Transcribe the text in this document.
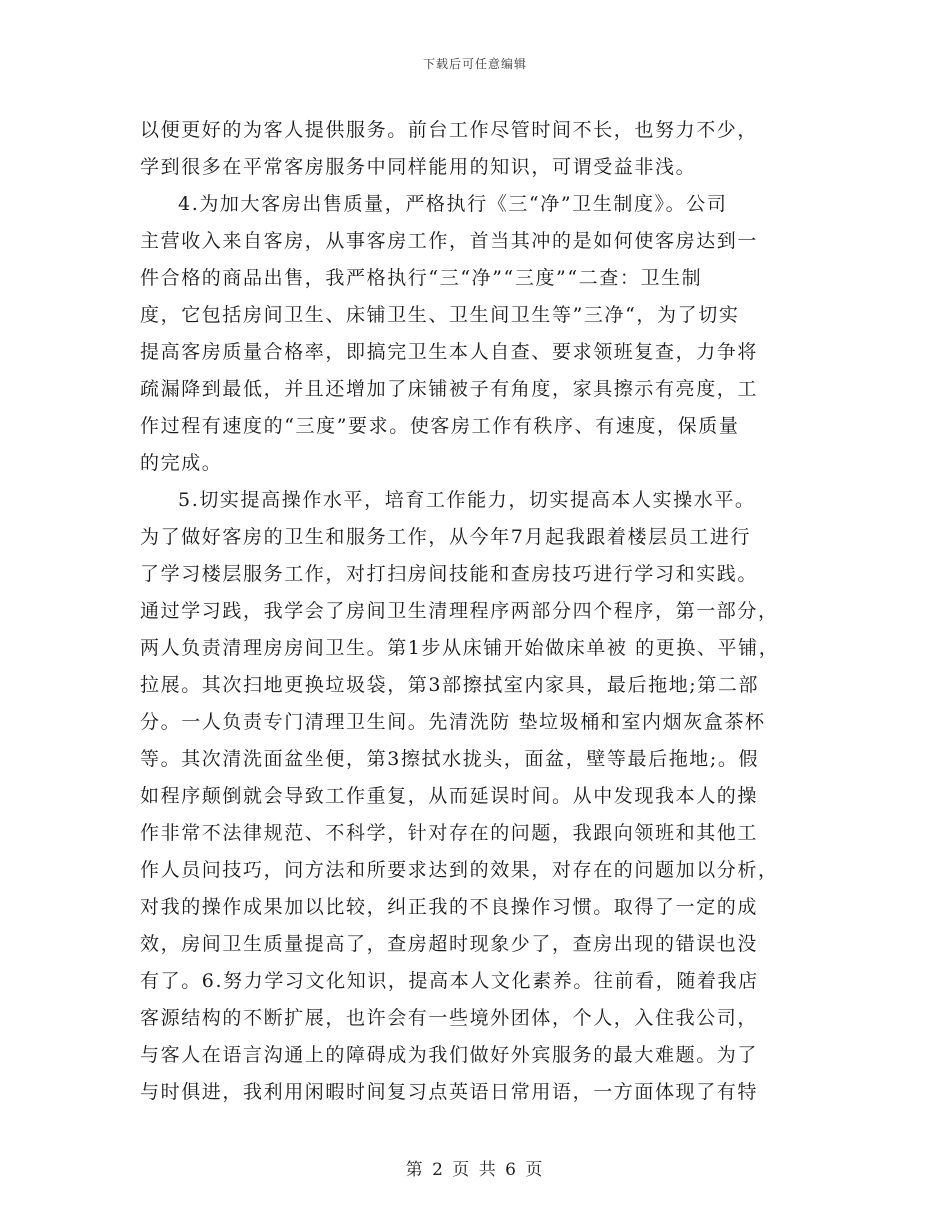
下载后可任意编辑
以便更好的为客人提供服务。前台工作尽管时间不长，也努力不少，
学到很多在平常客房服务中同样能用的知识，可谓受益非浅。
4.为加大客房出售质量，严格执行《三“净”卫生制度》。公司
主营收入来自客房，从事客房工作，首当其冲的是如何使客房达到一
件合格的商品出售，我严格执行“三“净”“三度”“二查：卫生制
度，它包括房间卫生、床铺卫生、卫生间卫生等”三净“，为了切实
提高客房质量合格率，即搞完卫生本人自查、要求领班复查，力争将
疏漏降到最低，并且还增加了床铺被子有角度，家具擦示有亮度，工
作过程有速度的“三度”要求。使客房工作有秩序、有速度，保质量
的完成。
5.切实提高操作水平，培育工作能力，切实提高本人实操水平。
为了做好客房的卫生和服务工作，从今年7月起我跟着楼层员工进行
了学习楼层服务工作，对打扫房间技能和查房技巧进行学习和实践。
通过学习践，我学会了房间卫生清理程序两部分四个程序，第一部分，
两人负责清理房房间卫生。第1步从床铺开始做床单被 的更换、平铺，
拉展。其次扫地更换垃圾袋，第3部擦拭室内家具，最后拖地;第二部
分。一人负责专门清理卫生间。先清洗防 垫垃圾桶和室内烟灰盒茶杯
等。其次清洗面盆坐便，第3擦拭水拢头，面盆，壁等最后拖地;。假
如程序颠倒就会导致工作重复，从而延误时间。从中发现我本人的操
作非常不法律规范、不科学，针对存在的问题，我跟向领班和其他工
作人员问技巧，问方法和所要求达到的效果，对存在的问题加以分析，
对我的操作成果加以比较，纠正我的不良操作习惯。取得了一定的成
效，房间卫生质量提高了，查房超时现象少了，查房出现的错误也没
有了。6.努力学习文化知识，提高本人文化素养。往前看，随着我店
客源结构的不断扩展，也许会有一些境外团体，个人，入住我公司，
与客人在语言沟通上的障碍成为我们做好外宾服务的最大难题。为了
与时俱进，我利用闲暇时间复习点英语日常用语，一方面体现了有特
第 2 页 共 6 页
